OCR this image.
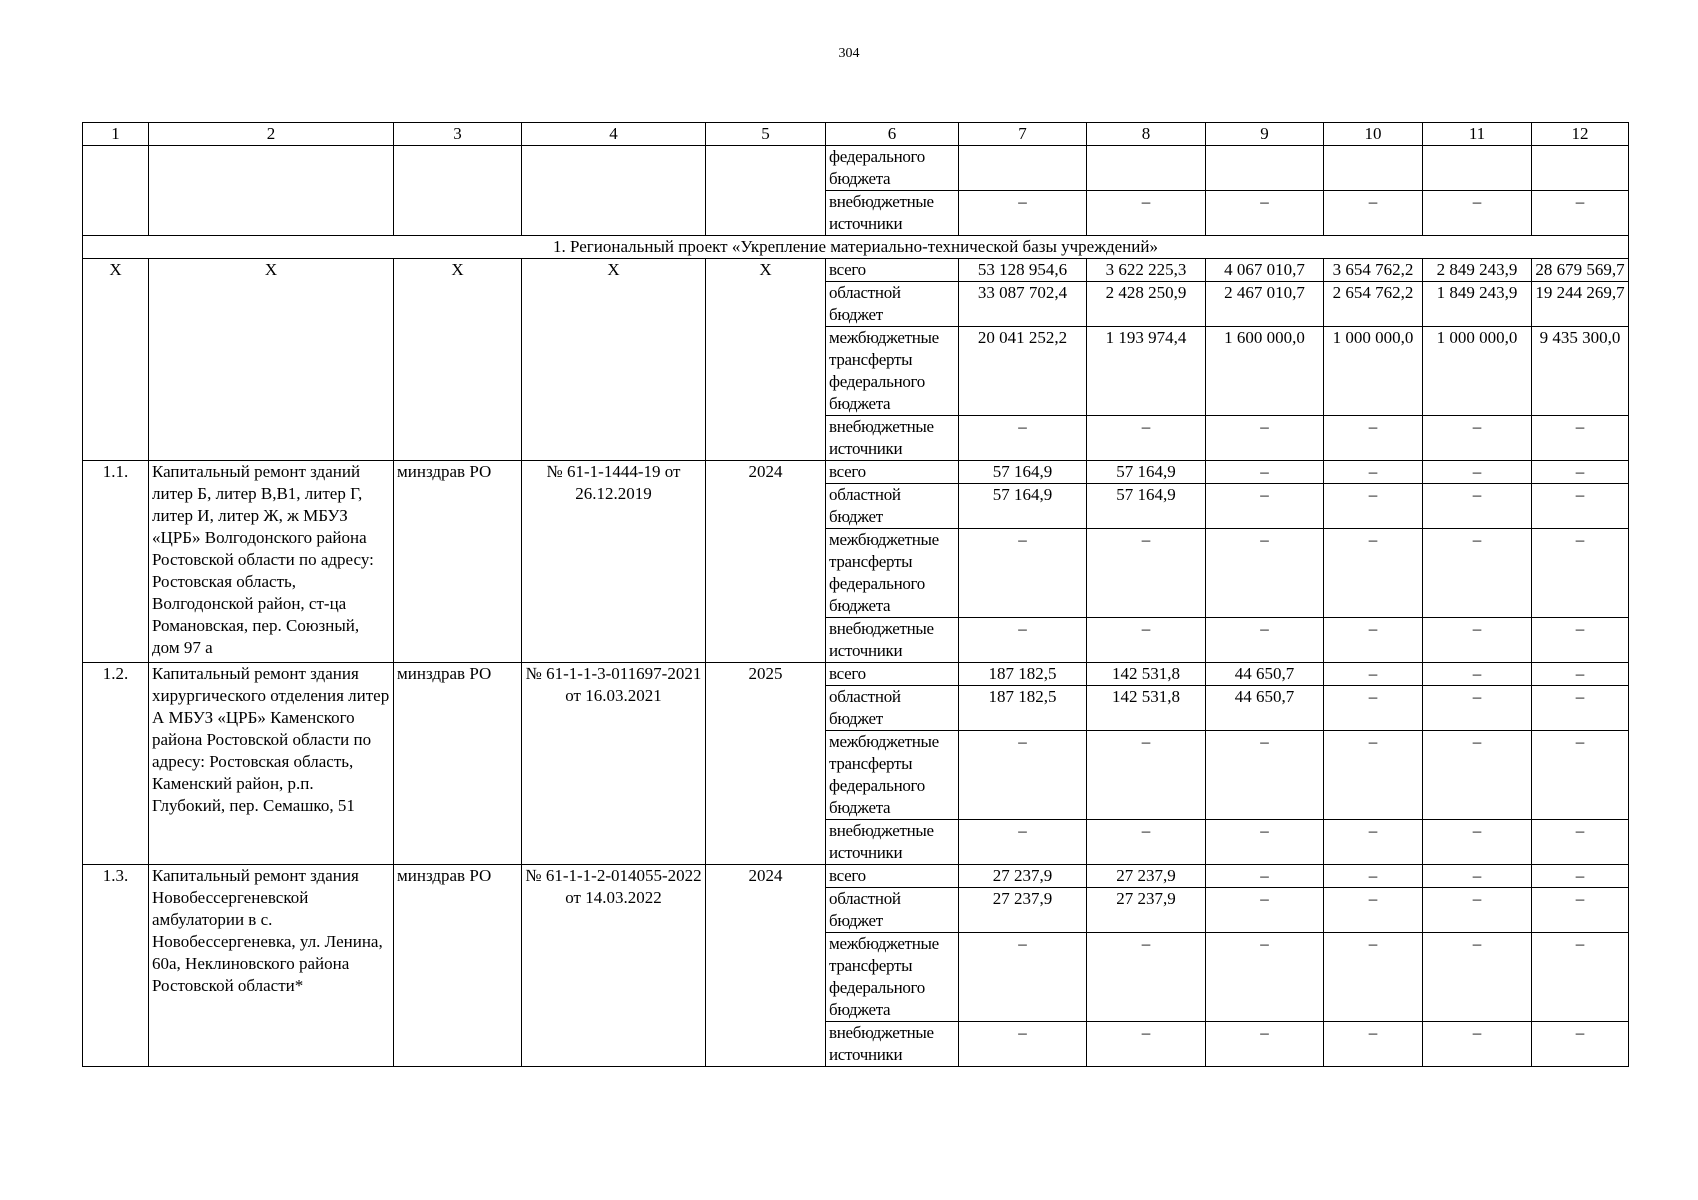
304
1	2	3	4	5	6	7	8	9	10	11	12
					федерального бюджета						
					внебюджетные источники	–	–	–	–	–	–
1. Региональный проект «Укрепление материально-технической базы учреждений»											
Х	Х	Х	Х	Х	всего	53 128 954,6	3 622 225,3	4 067 010,7	3 654 762,2	2 849 243,9	28 679 569,7
					областной бюджет	33 087 702,4	2 428 250,9	2 467 010,7	2 654 762,2	1 849 243,9	19 244 269,7
					межбюджетные трансферты федерального бюджета	20 041 252,2	1 193 974,4	1 600 000,0	1 000 000,0	1 000 000,0	9 435 300,0
					внебюджетные источники	–	–	–	–	–	–
1.1.	Капитальный ремонт зданий литер Б, литер В,В1, литер Г, литер И, литер Ж, ж МБУЗ «ЦРБ» Волгодонского района Ростовской области по адресу: Ростовская область, Волгодонской район, ст-ца Романовская, пер. Союзный, дом 97 а	минздрав РО	№ 61-1-1444-19 от 26.12.2019	2024	всего	57 164,9	57 164,9	–	–	–	–
					областной бюджет	57 164,9	57 164,9	–	–	–	–
					межбюджетные трансферты федерального бюджета	–	–	–	–	–	–
					внебюджетные источники	–	–	–	–	–	–
1.2.	Капитальный ремонт здания хирургического отделения литер А МБУЗ «ЦРБ» Каменского района Ростовской области по адресу: Ростовская область, Каменский район, р.п. Глубокий, пер. Семашко, 51	минздрав РО	№ 61-1-1-3-011697-2021 от 16.03.2021	2025	всего	187 182,5	142 531,8	44 650,7	–	–	–
					областной бюджет	187 182,5	142 531,8	44 650,7	–	–	–
					межбюджетные трансферты федерального бюджета	–	–	–	–	–	–
					внебюджетные источники	–	–	–	–	–	–
1.3.	Капитальный ремонт здания Новобессергеневской амбулатории в с. Новобессергеневка, ул. Ленина, 60а, Неклиновского района Ростовской области*	минздрав РО	№ 61-1-1-2-014055-2022 от 14.03.2022	2024	всего	27 237,9	27 237,9	–	–	–	–
					областной бюджет	27 237,9	27 237,9	–	–	–	–
					межбюджетные трансферты федерального бюджета	–	–	–	–	–	–
					внебюджетные источники	–	–	–	–	–	–
